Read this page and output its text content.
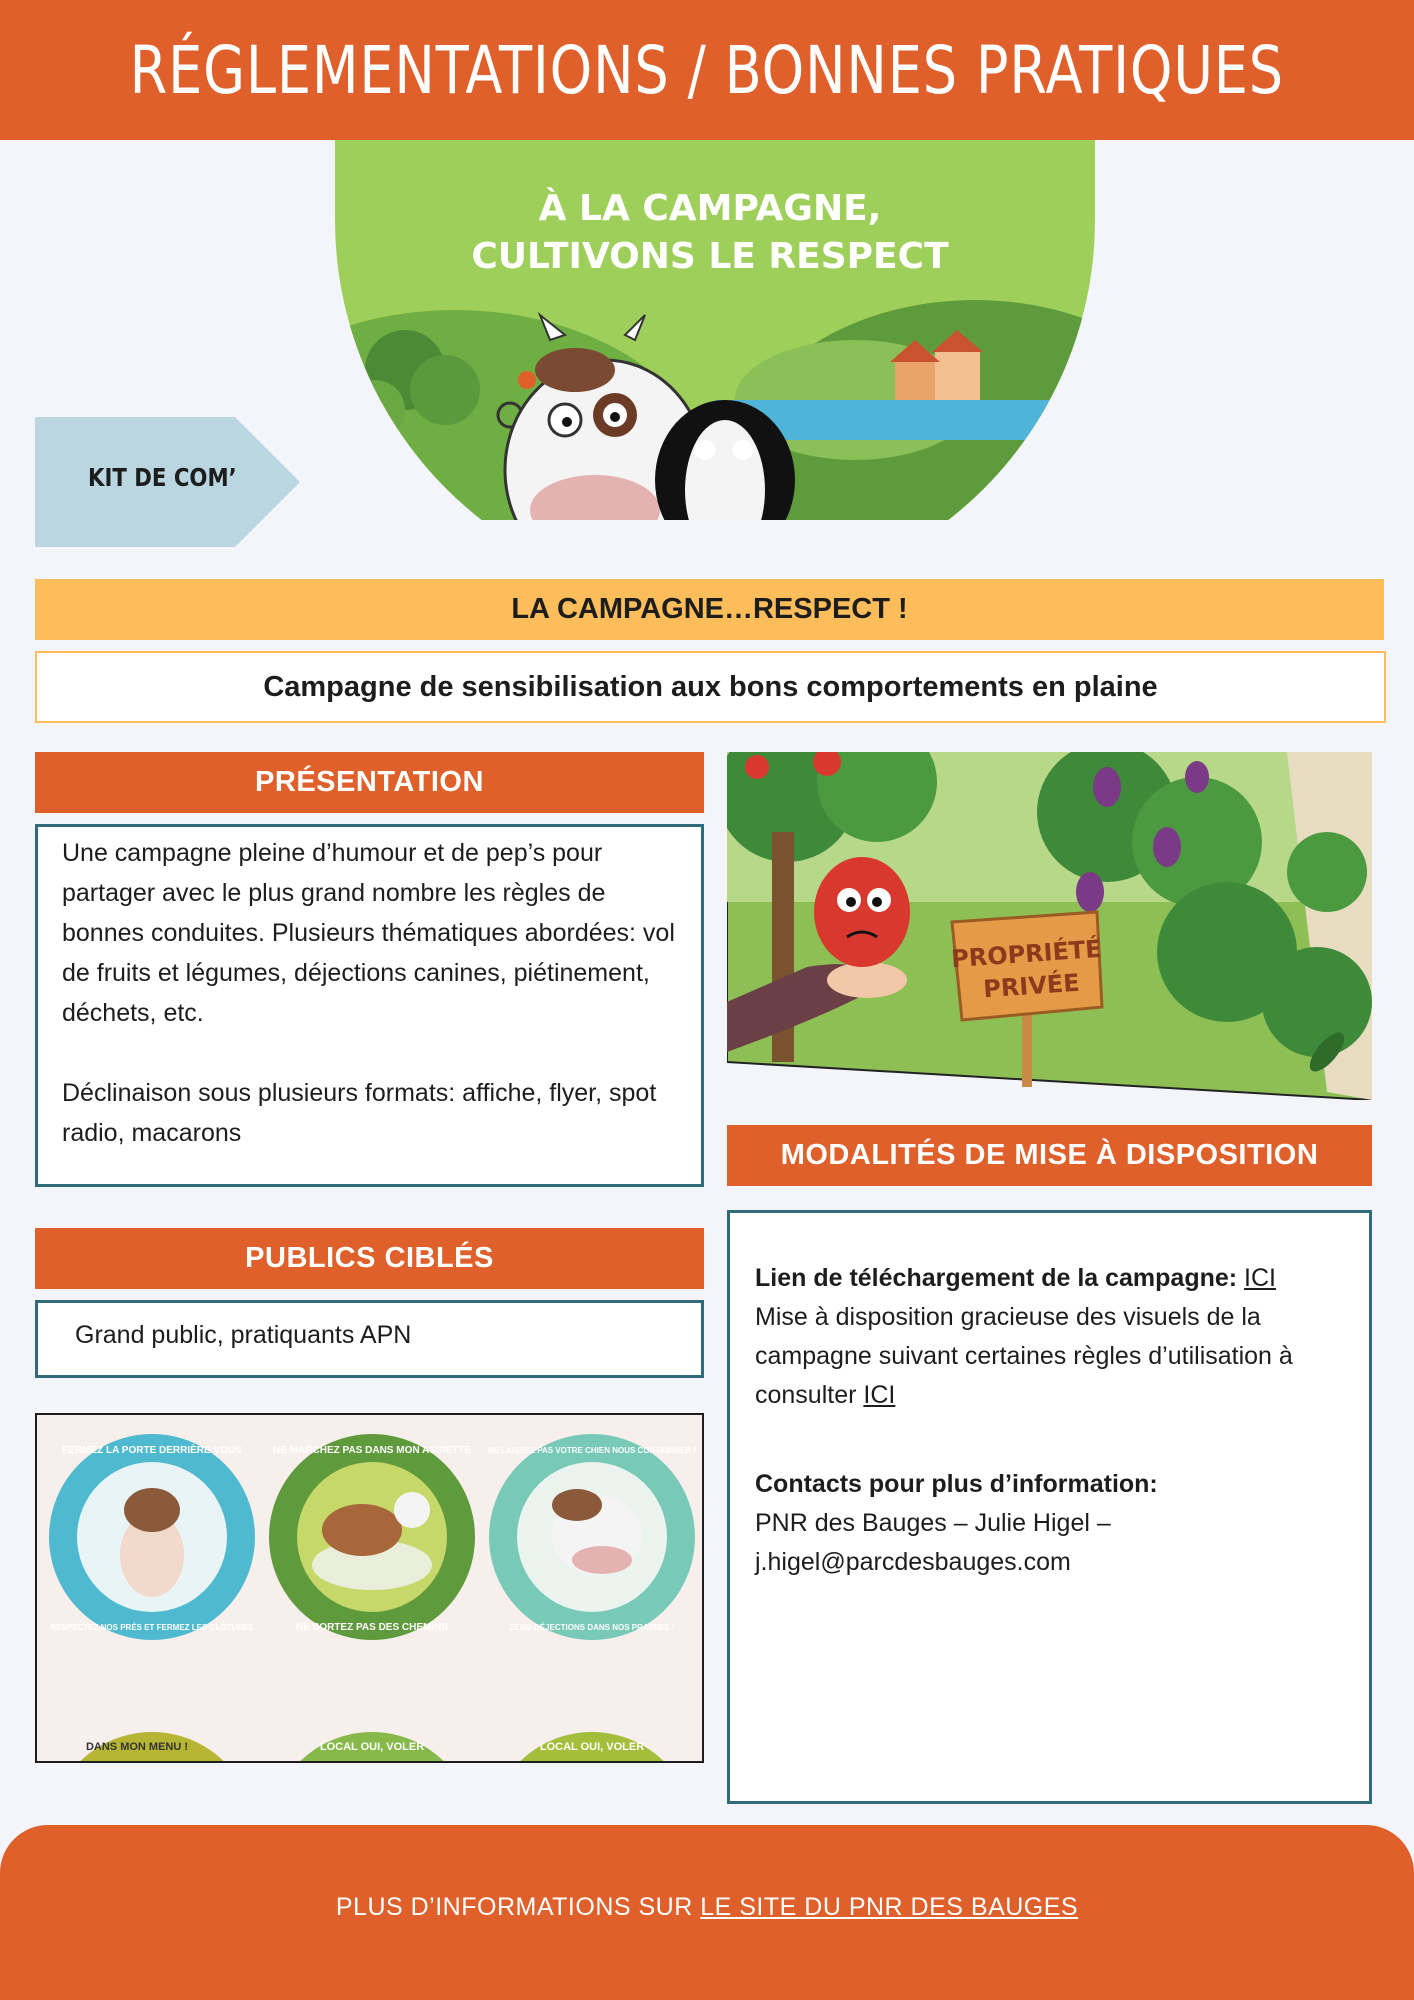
RÉGLEMENTATIONS / BONNES PRATIQUES
À LA CAMPAGNE,
CULTIVONS LE RESPECT
KIT DE COM’
LA CAMPAGNE…RESPECT !
Campagne de sensibilisation aux bons comportements en plaine
PRÉSENTATION

Une campagne pleine d’humour et de pep’s pour partager avec le plus grand nombre les règles de bonnes conduites. Plusieurs thématiques abordées: vol de fruits et légumes, déjections canines, piétinement, déchets, etc.

Déclinaison sous plusieurs formats: affiche, flyer, spot radio, macarons

PUBLICS CIBLÉS
Grand public, pratiquants APN
FERMEZ LA PORTE DERRIÈRE VOUS
RESPECTEZ NOS PRÉS ET FERMEZ LES CLÔTURES
NE MARCHEZ PAS DANS MON ASSIETTE
NE SORTEZ PAS DES CHEMINS
NE LAISSEZ PAS VOTRE CHIEN NOUS CONTAMINER !
ZÉRO DÉJECTIONS DANS NOS PRAIRIES !
DANS MON MENU !	LOCAL OUI, VOLER	LOCAL OUI, VOLER
PROPRIÉTÉ
PRIVÉE
MODALITÉS DE MISE À DISPOSITION
Lien de téléchargement de la campagne: ICI
Mise à disposition gracieuse des visuels de la campagne suivant certaines règles d’utilisation à consulter ICI
Contacts pour plus d’information:
PNR des Bauges – Julie Higel –
j.higel@parcdesbauges.com
PLUS D’INFORMATIONS SUR LE SITE DU PNR DES BAUGES
